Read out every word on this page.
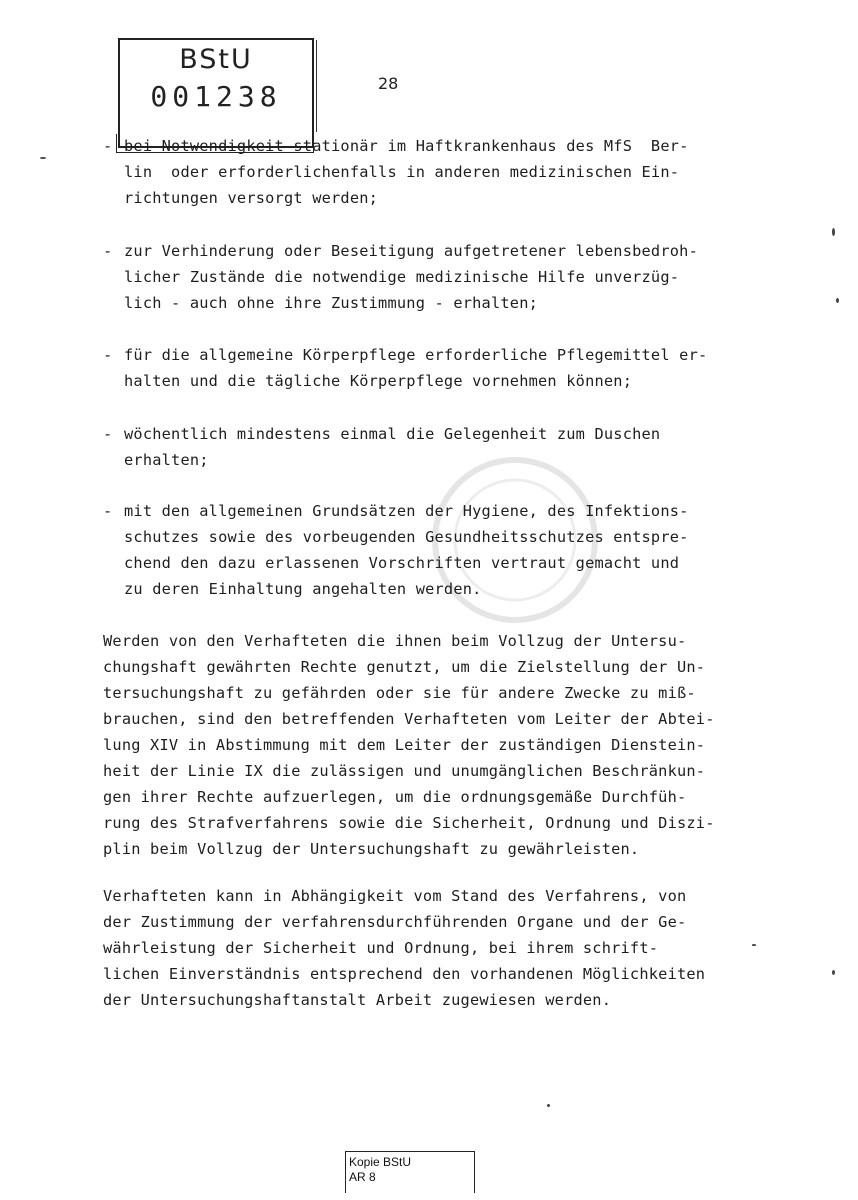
BStU
001238	28
- bei Notwendigkeit stationär im Haftkrankenhaus des MfS  Ber-
lin  oder erforderlichenfalls in anderen medizinischen Ein-
richtungen versorgt werden;
- zur Verhinderung oder Beseitigung aufgetretener lebensbedroh-
licher Zustände die notwendige medizinische Hilfe unverzüg-
lich - auch ohne ihre Zustimmung - erhalten;
- für die allgemeine Körperpflege erforderliche Pflegemittel er-
halten und die tägliche Körperpflege vornehmen können;
- wöchentlich mindestens einmal die Gelegenheit zum Duschen
erhalten;
- mit den allgemeinen Grundsätzen der Hygiene, des Infektions-
schutzes sowie des vorbeugenden Gesundheitsschutzes entspre-
chend den dazu erlassenen Vorschriften vertraut gemacht und
zu deren Einhaltung angehalten werden.
Werden von den Verhafteten die ihnen beim Vollzug der Untersu-
chungshaft gewährten Rechte genutzt, um die Zielstellung der Un-
tersuchungshaft zu gefährden oder sie für andere Zwecke zu miß-
brauchen, sind den betreffenden Verhafteten vom Leiter der Abtei-
lung XIV in Abstimmung mit dem Leiter der zuständigen Dienstein-
heit der Linie IX die zulässigen und unumgänglichen Beschränkun-
gen ihrer Rechte aufzuerlegen, um die ordnungsgemäße Durchfüh-
rung des Strafverfahrens sowie die Sicherheit, Ordnung und Diszi-
plin beim Vollzug der Untersuchungshaft zu gewährleisten.
Verhafteten kann in Abhängigkeit vom Stand des Verfahrens, von
der Zustimmung der verfahrensdurchführenden Organe und der Ge-
währleistung der Sicherheit und Ordnung, bei ihrem schrift-
lichen Einverständnis entsprechend den vorhandenen Möglichkeiten
der Untersuchungshaftanstalt Arbeit zugewiesen werden.
Kopie BStU
AR 8
